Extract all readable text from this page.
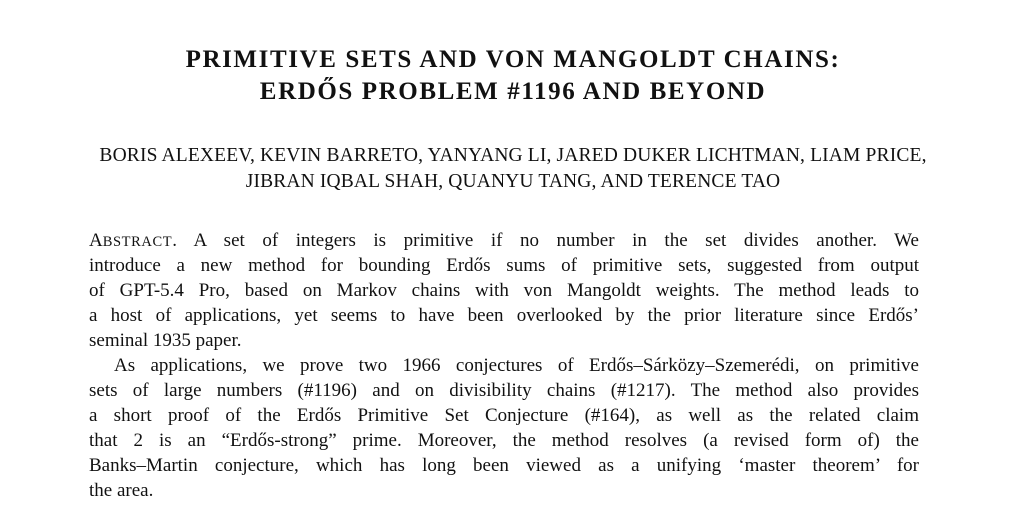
PRIMITIVE SETS AND VON MANGOLDT CHAINS:
ERDŐS PROBLEM #1196 AND BEYOND
BORIS ALEXEEV, KEVIN BARRETO, YANYANG LI, JARED DUKER LICHTMAN, LIAM PRICE,
JIBRAN IQBAL SHAH, QUANYU TANG, AND TERENCE TAO
ABSTRACT. A set of integers is primitive if no number in the set divides another. We
introduce a new method for bounding Erdős sums of primitive sets, suggested from output
of GPT-5.4 Pro, based on Markov chains with von Mangoldt weights. The method leads to
a host of applications, yet seems to have been overlooked by the prior literature since Erdős’
seminal 1935 paper.
As applications, we prove two 1966 conjectures of Erdős–Sárközy–Szemerédi, on primitive
sets of large numbers (#1196) and on divisibility chains (#1217). The method also provides
a short proof of the Erdős Primitive Set Conjecture (#164), as well as the related claim
that 2 is an “Erdős-strong” prime. Moreover, the method resolves (a revised form of) the
Banks–Martin conjecture, which has long been viewed as a unifying ‘master theorem’ for
the area.
